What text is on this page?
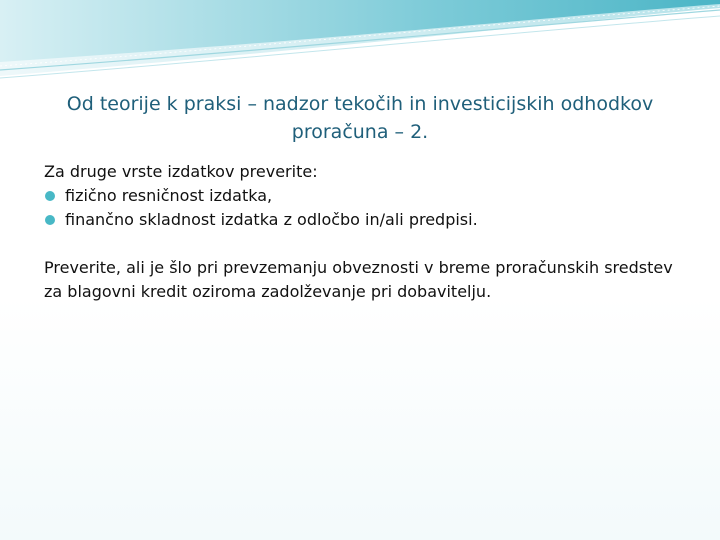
Od teorije k praksi – nadzor tekočih in investicijskih odhodkov proračuna – 2.

Za druge vrste izdatkov preverite:

fizično resničnost izdatka,
finančno skladnost izdatka z odločbo in/ali predpisi.

Preverite, ali je šlo pri prevzemanju obveznosti v breme proračunskih sredstev za blagovni kredit oziroma zadolževanje pri dobavitelju.
